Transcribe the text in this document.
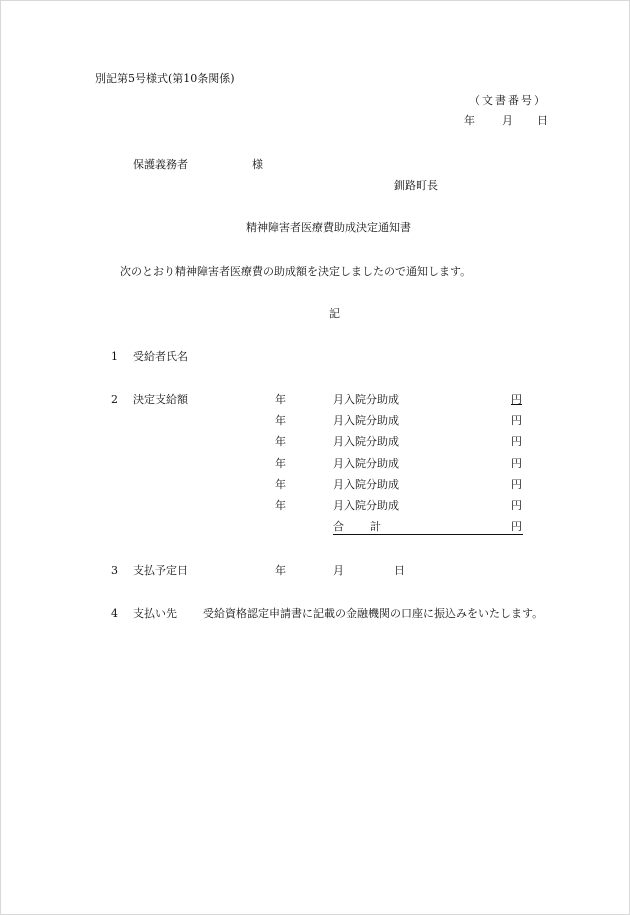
別記第5号様式(第10条関係)
（文書番号）
年 月 日
保護義務者	様
釧路町長
精神障害者医療費助成決定通知書
次のとおり精神障害者医療費の助成額を決定しましたので通知します。
記
1 受給者氏名
2 決定支給額	年	月入院分助成	円
年	月入院分助成	円
年	月入院分助成	円
年	月入院分助成	円
年	月入院分助成	円
年	月入院分助成	円
合 計	円
3 支払予定日	年	月	日
4 支払い先 受給資格認定申請書に記載の金融機関の口座に振込みをいたします。
